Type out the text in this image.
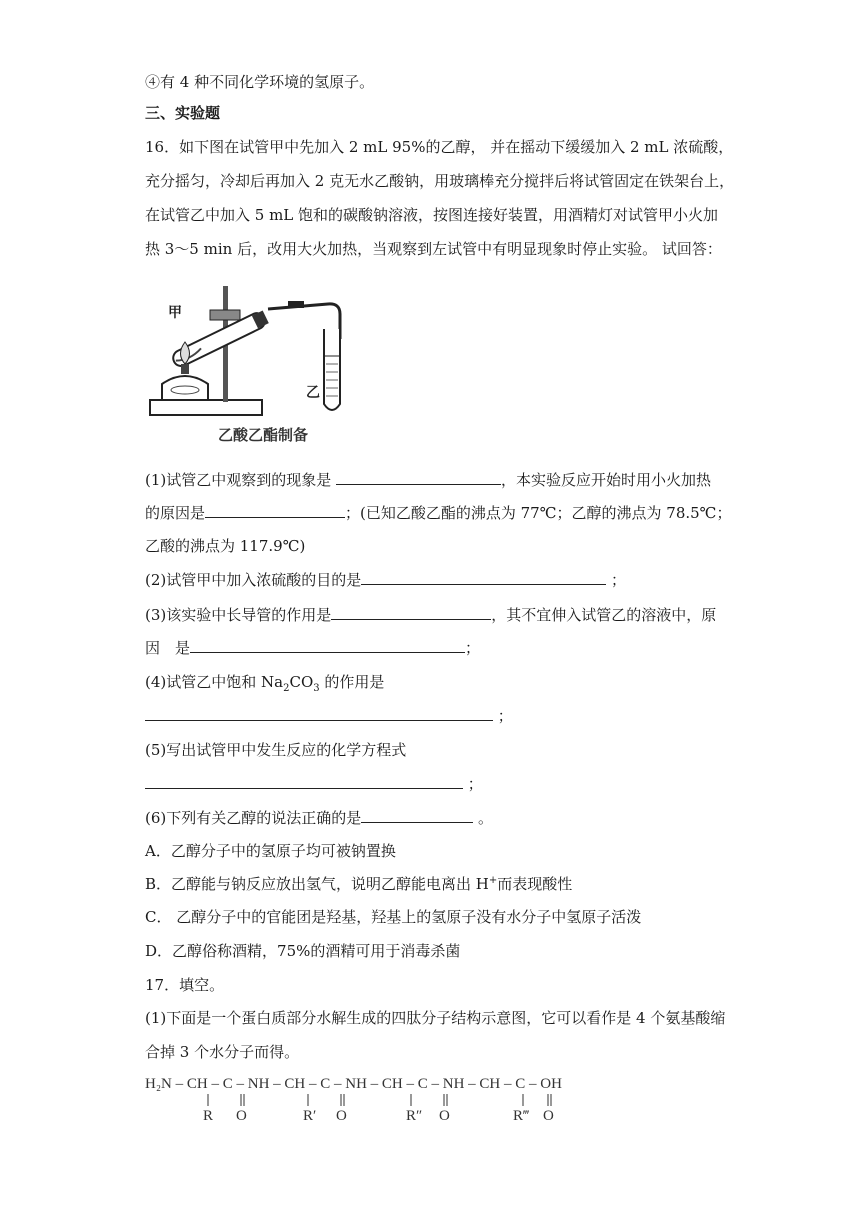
④有 4 种不同化学环境的氢原子。
三、实验题
16．如下图在试管甲中先加入 2 mL 95%的乙醇， 并在摇动下缓缓加入 2 mL 浓硫酸，
充分摇匀，冷却后再加入 2 克无水乙酸钠，用玻璃棒充分搅拌后将试管固定在铁架台上，
在试管乙中加入 5 mL 饱和的碳酸钠溶液，按图连接好装置，用酒精灯对试管甲小火加
热 3～5 min 后，改用大火加热，当观察到左试管中有明显现象时停止实验。 试回答：
甲
乙
乙酸乙酯制备
(1)试管乙中观察到的现象是	，本实验反应开始时用小火加热
的原因是	；(已知乙酸乙酯的沸点为 77℃；乙醇的沸点为 78.5℃；
乙酸的沸点为 117.9℃)
(2)试管甲中加入浓硫酸的目的是	；
(3)该实验中长导管的作用是	，其不宜伸入试管乙的溶液中，原
因　是	；
(4)试管乙中饱和 $Na_2CO_3$ 的作用是
；
(5)写出试管甲中发生反应的化学方程式
；
(6)下列有关乙醇的说法正确的是	。
A．乙醇分子中的氢原子均可被钠置换
B．乙醇能与钠反应放出氢气，说明乙醇能电离出 H+而表现酸性
C． 乙醇分子中的官能团是羟基，羟基上的氢原子没有水分子中氢原子活泼
D．乙醇俗称酒精，75%的酒精可用于消毒杀菌
17．填空。
(1)下面是一个蛋白质部分水解生成的四肽分子结构示意图，它可以看作是 4 个氨基酸缩
合掉 3 个水分子而得。
H₂N – CH – C – NH – CH – C – NH – CH – C – NH – CH – C – OH
R O	R′ O	R″ O	R‴ O
